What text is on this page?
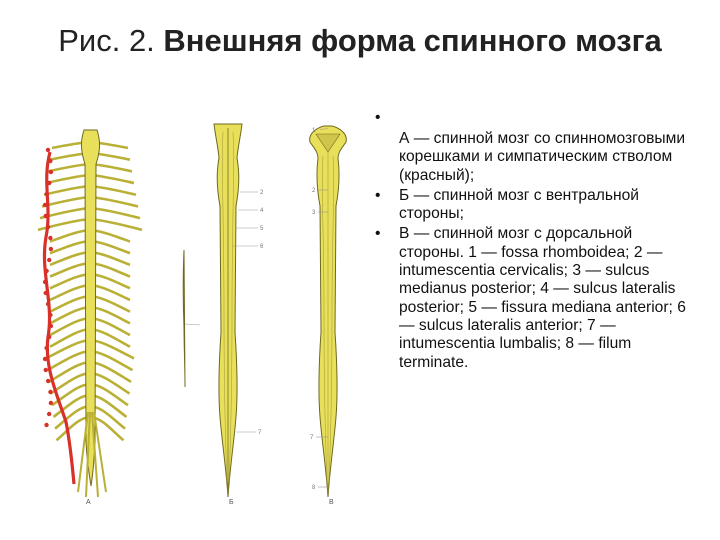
Рис. 2. Внешняя форма спинного мозга
А
2
4
5
6
7
Б
1
2
3
7
8
В
•
А — спинной мозг со спинномозговыми корешками и симпатическим стволом (красный);
• Б — спинной мозг с вентральной стороны;
• В — спинной мозг с дорсальной стороны. 1 — fossa rhomboidea; 2 — intumescentia cervicalis; 3 — sulcus medianus posterior; 4 — sulcus lateralis posterior; 5 — fissura mediana anterior; 6 — sulcus lateralis anterior; 7 — intumescentia lumbalis; 8 — filum terminate.
